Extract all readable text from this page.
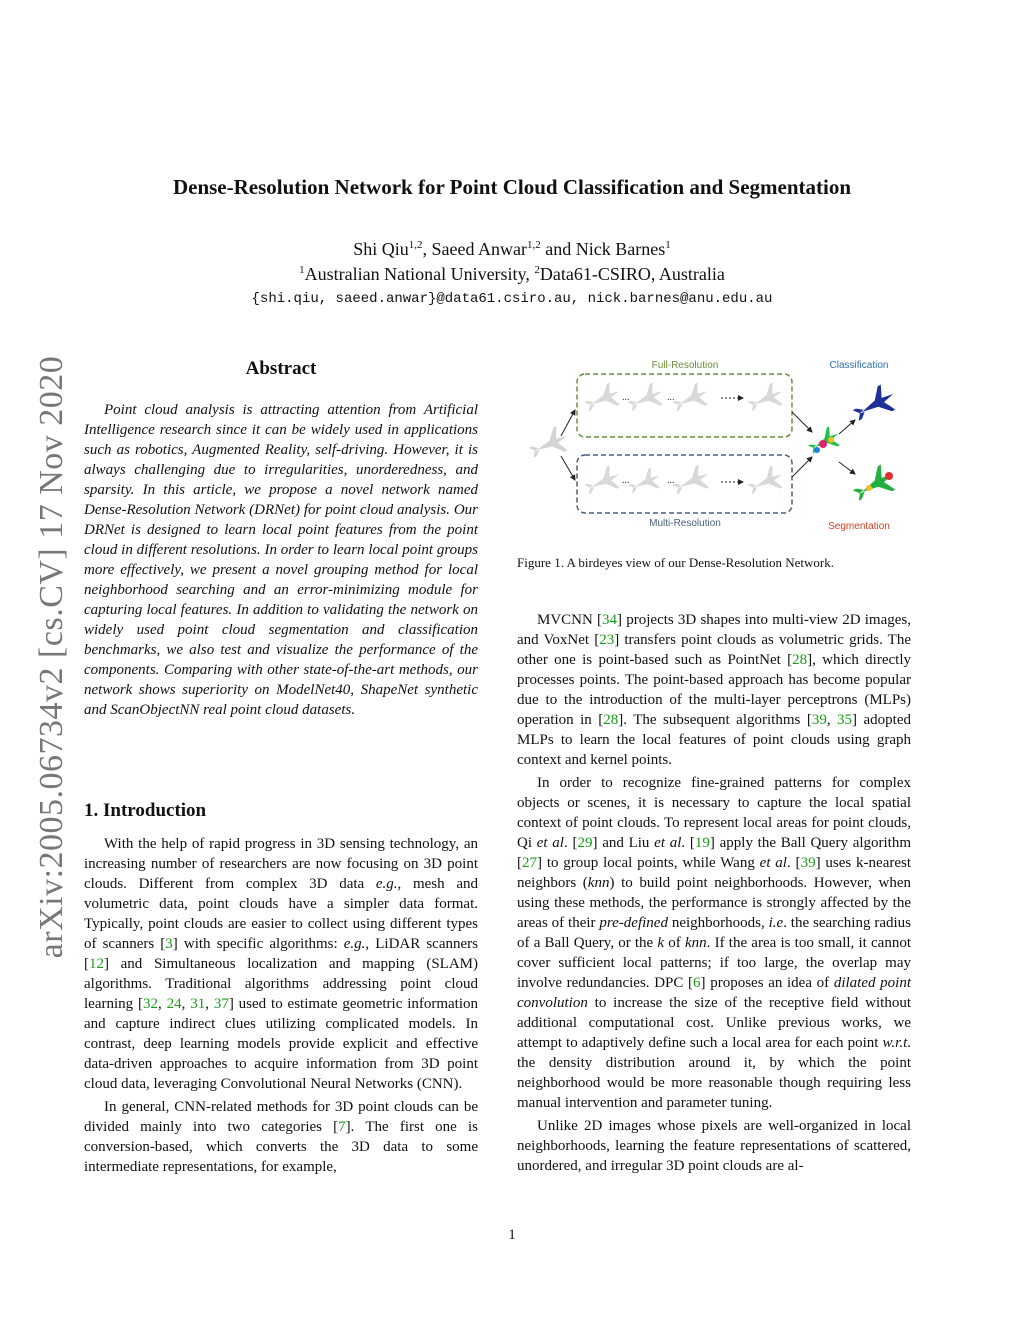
arXiv:2005.06734v2 [cs.CV] 17 Nov 2020
Dense-Resolution Network for Point Cloud Classification and Segmentation
Shi Qiu$^{1,2}$, Saeed Anwar$^{1,2}$ and Nick Barnes$^1$
$^1$Australian National University, $^2$Data61-CSIRO, Australia
{shi.qiu, saeed.anwar}@data61.csiro.au, nick.barnes@anu.edu.au
Abstract
Point cloud analysis is attracting attention from Artificial Intelligence research since it can be widely used in applications such as robotics, Augmented Reality, self-driving. However, it is always challenging due to irregularities, unorderedness, and sparsity. In this article, we propose a novel network named Dense-Resolution Network (DRNet) for point cloud analysis. Our DRNet is designed to learn local point features from the point cloud in different resolutions. In order to learn local point groups more effectively, we present a novel grouping method for local neighborhood searching and an error-minimizing module for capturing local features. In addition to validating the network on widely used point cloud segmentation and classification benchmarks, we also test and visualize the performance of the components. Comparing with other state-of-the-art methods, our network shows superiority on ModelNet40, ShapeNet synthetic and ScanObjectNN real point cloud datasets.
1. Introduction

With the help of rapid progress in 3D sensing technology, an increasing number of researchers are now focusing on 3D point clouds. Different from complex 3D data e.g., mesh and volumetric data, point clouds have a simpler data format. Typically, point clouds are easier to collect using different types of scanners [3] with specific algorithms: e.g., LiDAR scanners [12] and Simultaneous localization and mapping (SLAM) algorithms. Traditional algorithms addressing point cloud learning [32, 24, 31, 37] used to estimate geometric information and capture indirect clues utilizing complicated models. In contrast, deep learning models provide explicit and effective data-driven approaches to acquire information from 3D point cloud data, leveraging Convolutional Neural Networks (CNN).

In general, CNN-related methods for 3D point clouds can be divided mainly into two categories [7]. The first one is conversion-based, which converts the 3D data to some intermediate representations, for example,

Full-Resolution	Classification
Multi-Resolution
...	...
...	...
Segmentation
Figure 1. A birdeyes view of our Dense-Resolution Network.

MVCNN [34] projects 3D shapes into multi-view 2D images, and VoxNet [23] transfers point clouds as volumetric grids. The other one is point-based such as PointNet [28], which directly processes points. The point-based approach has become popular due to the introduction of the multi-layer perceptrons (MLPs) operation in [28]. The subsequent algorithms [39, 35] adopted MLPs to learn the local features of point clouds using graph context and kernel points.

In order to recognize fine-grained patterns for complex objects or scenes, it is necessary to capture the local spatial context of point clouds. To represent local areas for point clouds, Qi et al. [29] and Liu et al. [19] apply the Ball Query algorithm [27] to group local points, while Wang et al. [39] uses k-nearest neighbors (knn) to build point neighborhoods. However, when using these methods, the performance is strongly affected by the areas of their pre-defined neighborhoods, i.e. the searching radius of a Ball Query, or the k of knn. If the area is too small, it cannot cover sufficient local patterns; if too large, the overlap may involve redundancies. DPC [6] proposes an idea of dilated point convolution to increase the size of the receptive field without additional computational cost. Unlike previous works, we attempt to adaptively define such a local area for each point w.r.t. the density distribution around it, by which the point neighborhood would be more reasonable though requiring less manual intervention and parameter tuning.

Unlike 2D images whose pixels are well-organized in local neighborhoods, learning the feature representations of scattered, unordered, and irregular 3D point clouds are al-

1
